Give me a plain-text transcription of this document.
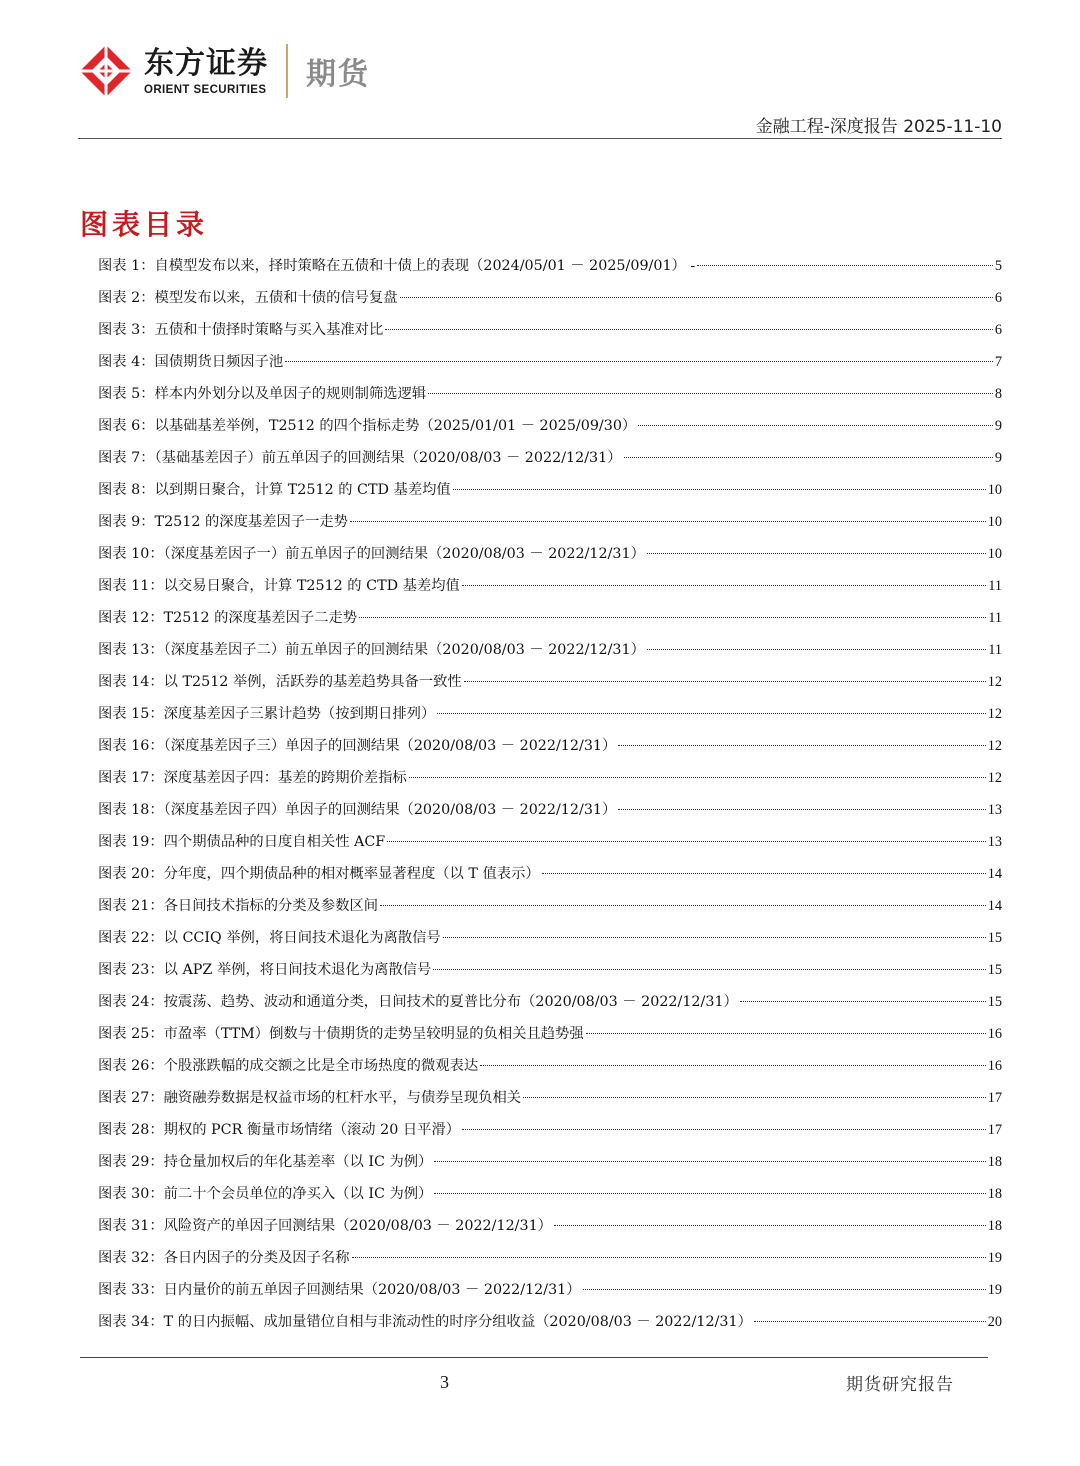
东方证券
ORIENT SECURITIES 期货
金融工程-深度报告 2025-11-10
图表目录
图表 1：自模型发布以来，择时策略在五债和十债上的表现（2024/05/01 － 2025/09/01） -	5
图表 2：模型发布以来，五债和十债的信号复盘	6
图表 3：五债和十债择时策略与买入基准对比	6
图表 4：国债期货日频因子池	7
图表 5：样本内外划分以及单因子的规则制筛选逻辑	8
图表 6：以基础基差举例，T2512 的四个指标走势（2025/01/01 － 2025/09/30）	9
图表 7：（基础基差因子）前五单因子的回测结果（2020/08/03 － 2022/12/31）	9
图表 8：以到期日聚合，计算 T2512 的 CTD 基差均值	10
图表 9：T2512 的深度基差因子一走势	10
图表 10：（深度基差因子一）前五单因子的回测结果（2020/08/03 － 2022/12/31）	10
图表 11：以交易日聚合，计算 T2512 的 CTD 基差均值	11
图表 12：T2512 的深度基差因子二走势	11
图表 13：（深度基差因子二）前五单因子的回测结果（2020/08/03 － 2022/12/31）	11
图表 14：以 T2512 举例，活跃券的基差趋势具备一致性	12
图表 15：深度基差因子三累计趋势（按到期日排列）	12
图表 16：（深度基差因子三）单因子的回测结果（2020/08/03 － 2022/12/31）	12
图表 17：深度基差因子四：基差的跨期价差指标	12
图表 18：（深度基差因子四）单因子的回测结果（2020/08/03 － 2022/12/31）	13
图表 19：四个期债品种的日度自相关性 ACF	13
图表 20：分年度，四个期债品种的相对概率显著程度（以 T 值表示）	14
图表 21：各日间技术指标的分类及参数区间	14
图表 22：以 CCIQ 举例，将日间技术退化为离散信号	15
图表 23：以 APZ 举例，将日间技术退化为离散信号	15
图表 24：按震荡、趋势、波动和通道分类，日间技术的夏普比分布（2020/08/03 － 2022/12/31）	15
图表 25：市盈率（TTM）倒数与十债期货的走势呈较明显的负相关且趋势强	16
图表 26：个股涨跌幅的成交额之比是全市场热度的微观表达	16
图表 27：融资融券数据是权益市场的杠杆水平，与债券呈现负相关	17
图表 28：期权的 PCR 衡量市场情绪（滚动 20 日平滑）	17
图表 29：持仓量加权后的年化基差率（以 IC 为例）	18
图表 30：前二十个会员单位的净买入（以 IC 为例）	18
图表 31：风险资产的单因子回测结果（2020/08/03 － 2022/12/31）	18
图表 32：各日内因子的分类及因子名称	19
图表 33：日内量价的前五单因子回测结果（2020/08/03 － 2022/12/31）	19
图表 34：T 的日内振幅、成加量错位自相与非流动性的时序分组收益（2020/08/03 － 2022/12/31）	20
3	期货研究报告
